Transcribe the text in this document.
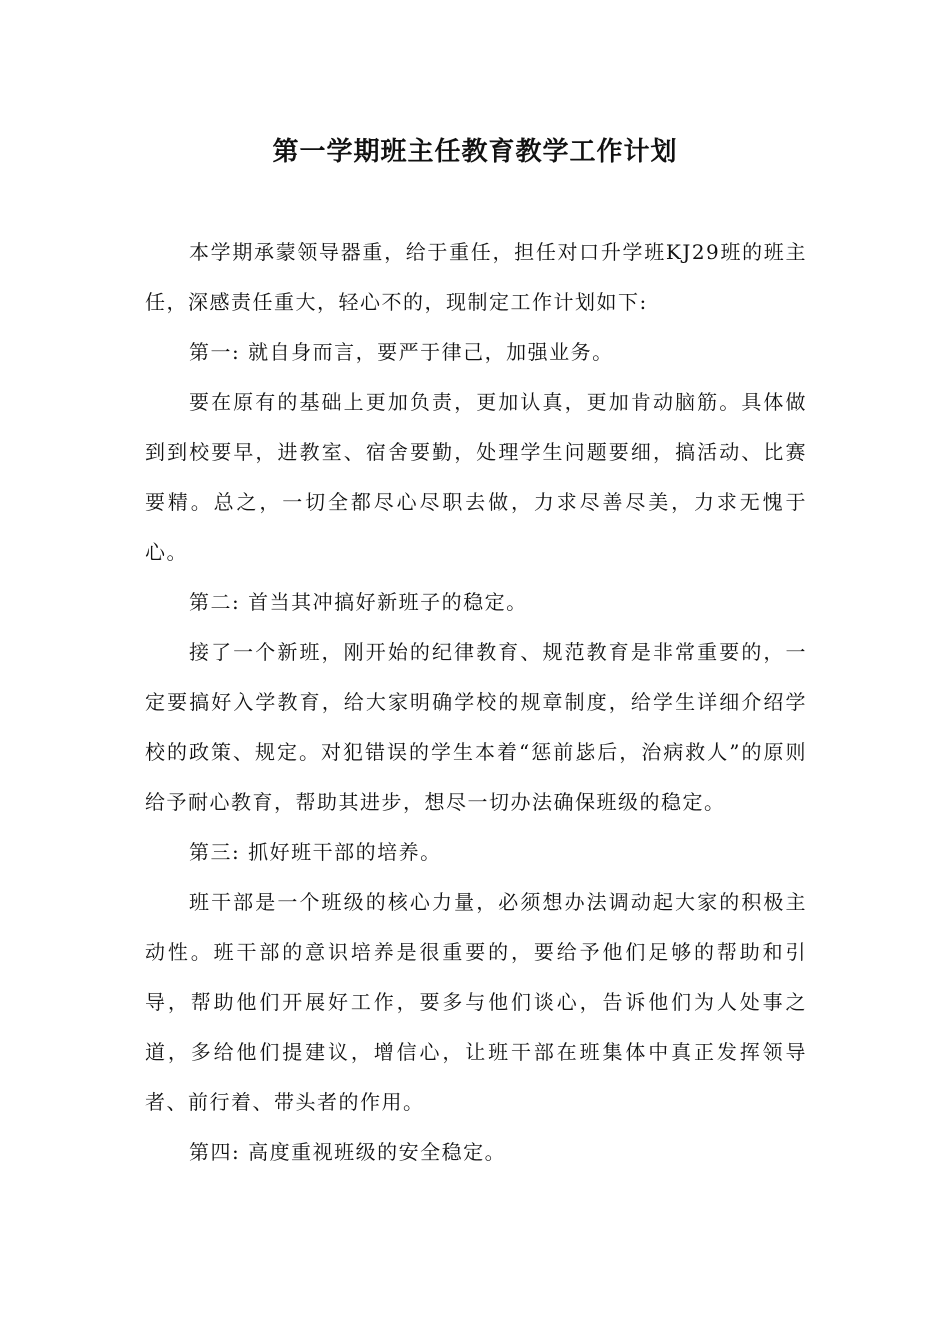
第一学期班主任教育教学工作计划

本学期承蒙领导器重，给于重任，担任对口升学班KJ29班的班主任，深感责任重大，轻心不的，现制定工作计划如下:

第一: 就自身而言，要严于律己，加强业务。

要在原有的基础上更加负责，更加认真，更加肯动脑筋。具体做到到校要早，进教室、宿舍要勤，处理学生问题要细，搞活动、比赛要精。总之，一切全都尽心尽职去做，力求尽善尽美，力求无愧于心。

第二: 首当其冲搞好新班子的稳定。

接了一个新班，刚开始的纪律教育、规范教育是非常重要的，一定要搞好入学教育，给大家明确学校的规章制度，给学生详细介绍学校的政策、规定。对犯错误的学生本着“惩前毖后，治病救人”的原则给予耐心教育，帮助其进步，想尽一切办法确保班级的稳定。

第三: 抓好班干部的培养。

班干部是一个班级的核心力量，必须想办法调动起大家的积极主动性。班干部的意识培养是很重要的，要给予他们足够的帮助和引导，帮助他们开展好工作，要多与他们谈心，告诉他们为人处事之道，多给他们提建议，增信心，让班干部在班集体中真正发挥领导者、前行着、带头者的作用。

第四: 高度重视班级的安全稳定。
